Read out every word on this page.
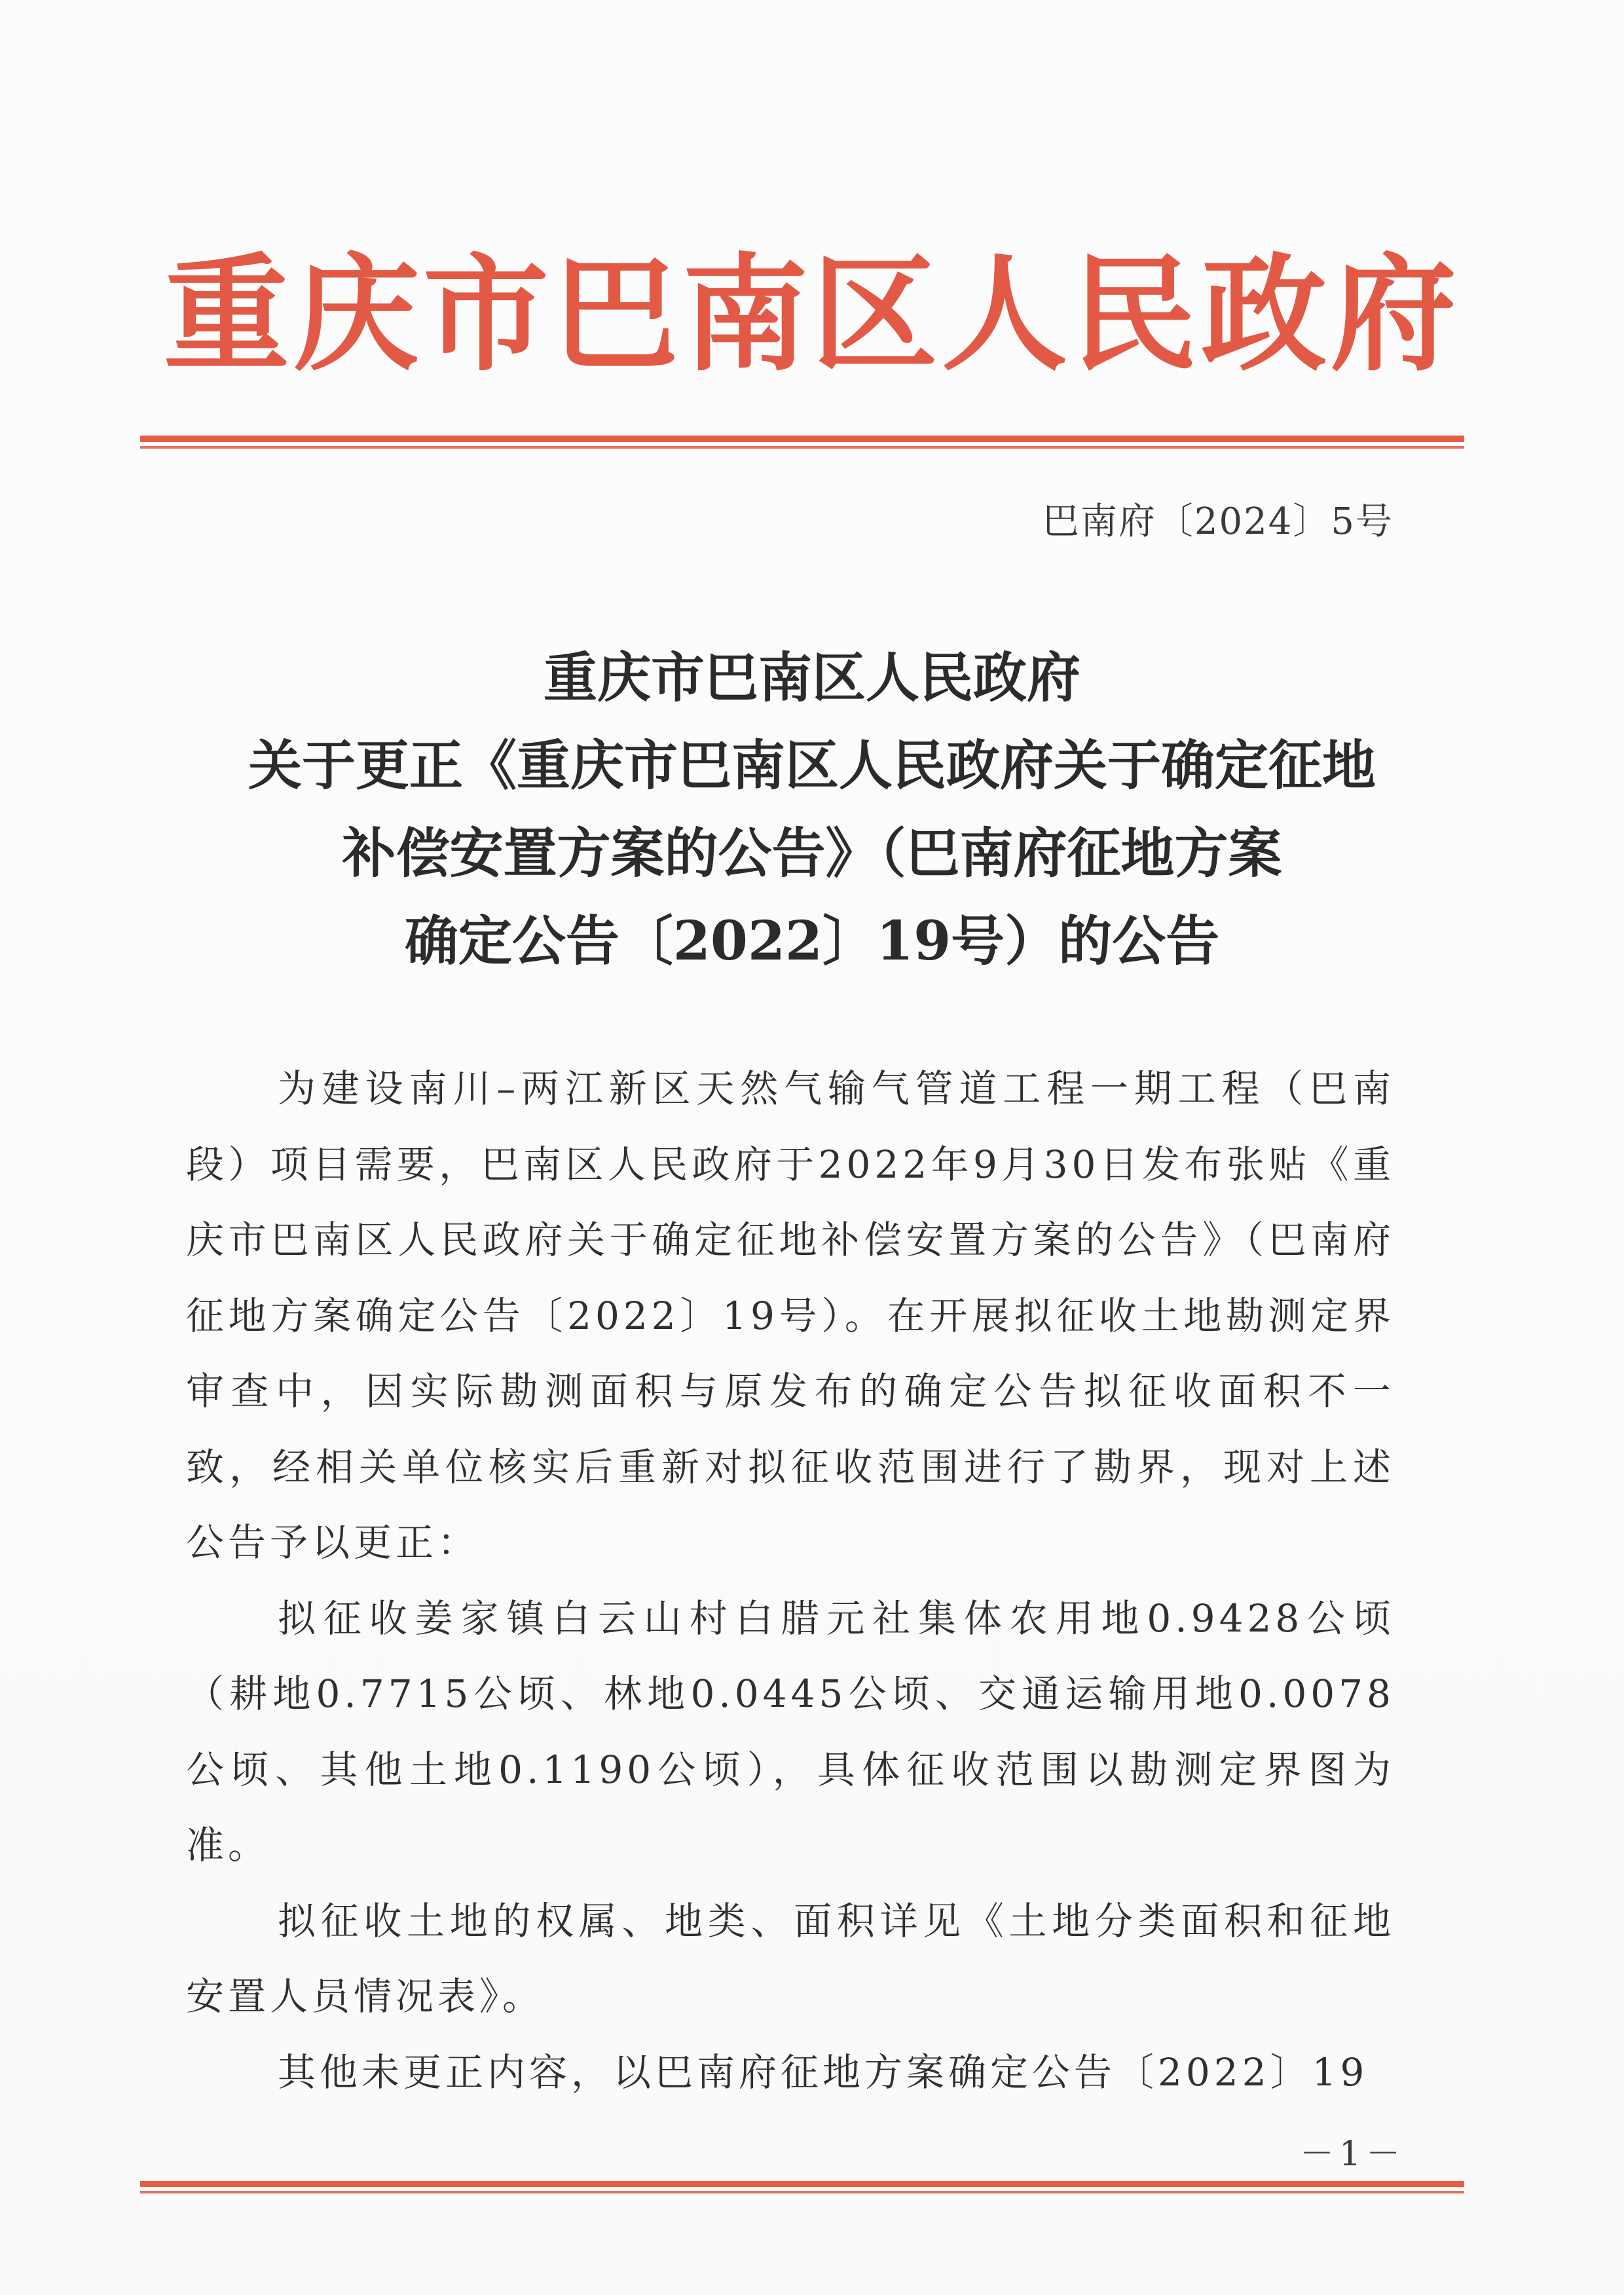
重庆市巴南区人民政府
巴南府〔2024〕5号
重庆市巴南区人民政府
关于更正《重庆市巴南区人民政府关于确定征地
补偿安置方案的公告》（巴南府征地方案
确定公告〔2022〕19号）的公告

为建设南川–两江新区天然气输气管道工程一期工程（巴南段）项目需要，巴南区人民政府于2022年9月30日发布张贴《重庆市巴南区人民政府关于确定征地补偿安置方案的公告》（巴南府征地方案确定公告〔2022〕19号）。在开展拟征收土地勘测定界审查中，因实际勘测面积与原发布的确定公告拟征收面积不一致，经相关单位核实后重新对拟征收范围进行了勘界，现对上述公告予以更正：

拟征收姜家镇白云山村白腊元社集体农用地0.9428公顷（耕地0.7715公顷、林地0.0445公顷、交通运输用地0.0078公顷、其他土地0.1190公顷），具体征收范围以勘测定界图为准。

拟征收土地的权属、地类、面积详见《土地分类面积和征地安置人员情况表》。

其他未更正内容，以巴南府征地方案确定公告〔2022〕19

－1－
